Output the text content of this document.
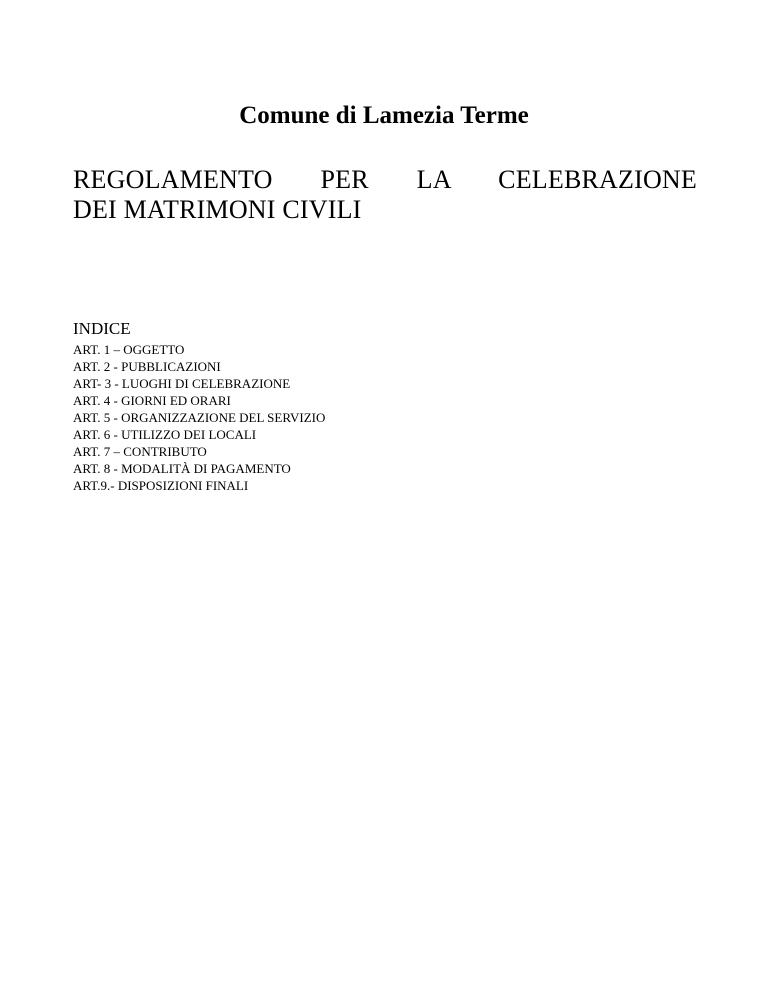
Comune di Lamezia Terme
REGOLAMENTO PER LA CELEBRAZIONE
DEI MATRIMONI CIVILI
INDICE
ART. 1 – OGGETTO
ART. 2 - PUBBLICAZIONI
ART- 3 - LUOGHI DI CELEBRAZIONE
ART. 4 - GIORNI ED ORARI
ART. 5 - ORGANIZZAZIONE DEL SERVIZIO
ART. 6 - UTILIZZO DEI LOCALI
ART. 7 – CONTRIBUTO
ART. 8 - MODALITÀ DI PAGAMENTO
ART.9.- DISPOSIZIONI FINALI
